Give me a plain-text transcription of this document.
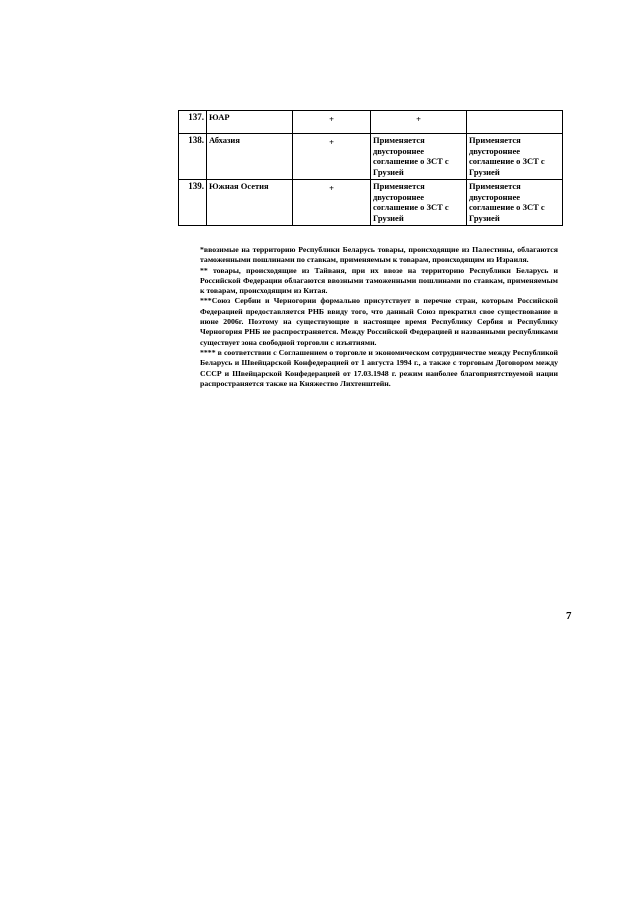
137.	ЮАР	+	+	
138.	Абхазия	+	Применяется двустороннее соглашение о ЗСТ с Грузией	Применяется двустороннее соглашение о ЗСТ с Грузией
139.	Южная Осетия	+	Применяется двустороннее соглашение о ЗСТ с Грузией	Применяется двустороннее соглашение о ЗСТ с Грузией

*ввозимые на территорию Республики Беларусь товары, происходящие из Палестины, облагаются таможенными пошлинами по ставкам, применяемым к товарам, происходящим из Израиля.

** товары, происходящие из Тайваня, при их ввозе на территорию Республики Беларусь и Российской Федерации облагаются ввозными таможенными пошлинами по ставкам, применяемым к товарам, происходящим из Китая.

***Союз Сербии и Черногории формально присутствует в перечне стран, которым Российской Федерацией предоставляется РНБ ввиду того, что данный Союз прекратил свое существование в июне 2006г. Поэтому на существующие в настоящее время Республику Сербия и Республику Черногория РНБ не распространяется. Между Российской Федерацией и названными республиками существует зона свободной торговли с изъятиями.

**** в соответствии с Соглашением о торговле и экономическом сотрудничестве между Республикой Беларусь и Швейцарской Конфедерацией от 1 августа 1994 г., а также с торговым Договором между СССР и Швейцарской Конфедерацией от 17.03.1948 г. режим наиболее благоприятствуемой нации распространяется также на Княжество Лихтенштейн.

7
